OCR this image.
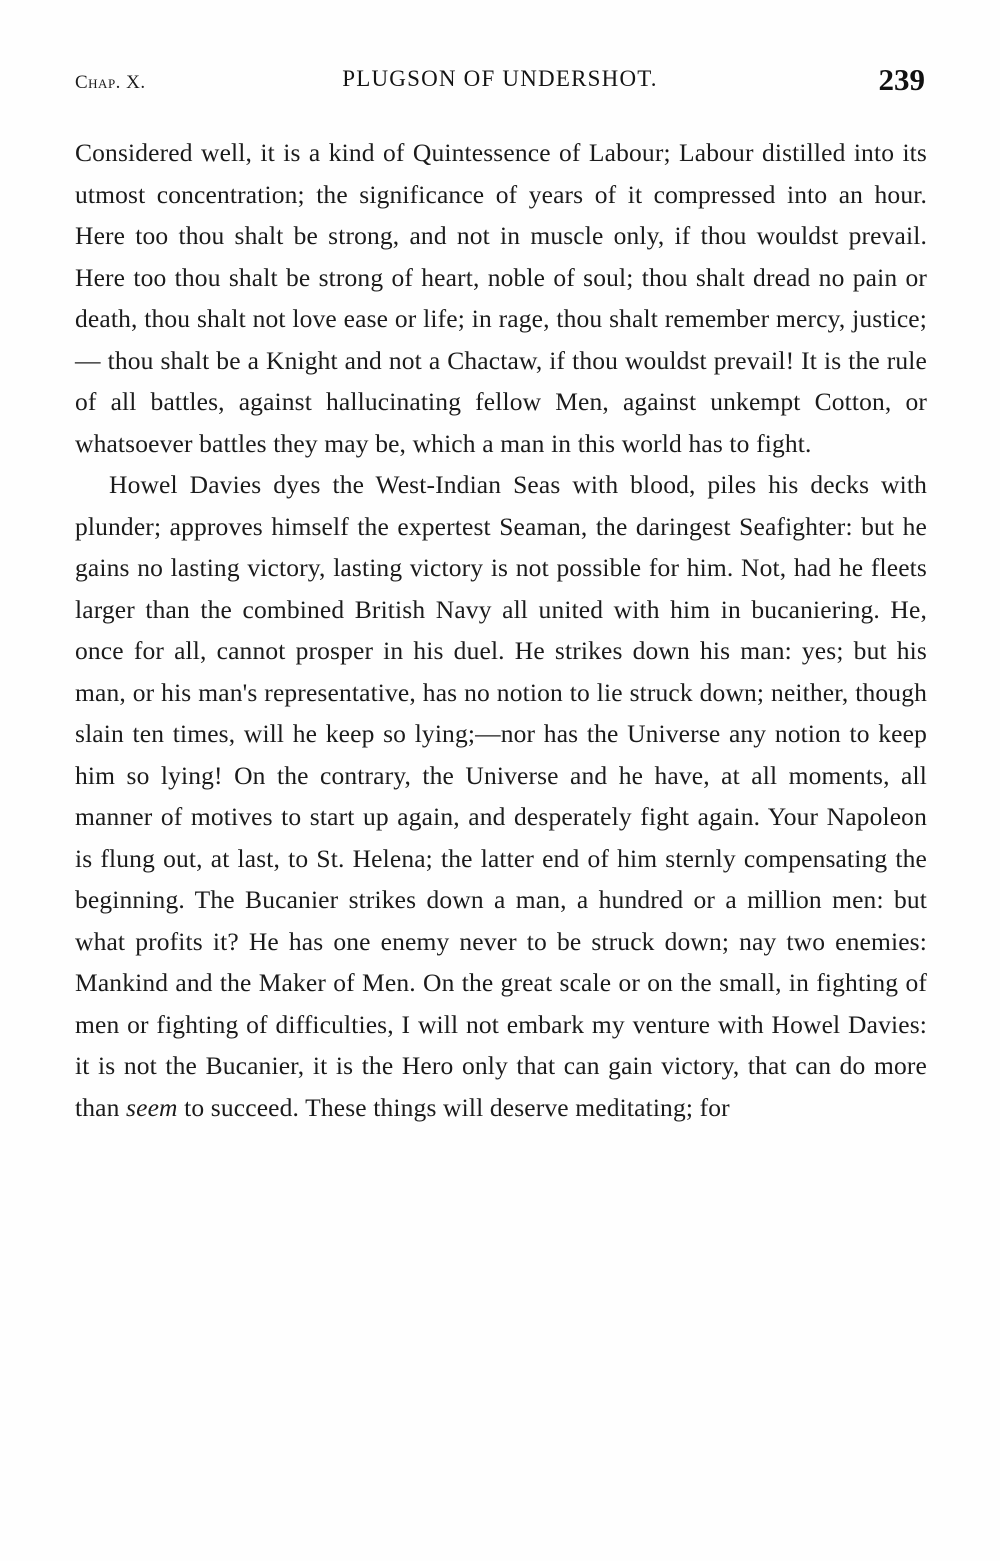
Chap. X.	PLUGSON OF UNDERSHOT.	239

Considered well, it is a kind of Quintessence of Labour; Labour distilled into its utmost concentration; the significance of years of it compressed into an hour. Here too thou shalt be strong, and not in muscle only, if thou wouldst prevail. Here too thou shalt be strong of heart, noble of soul; thou shalt dread no pain or death, thou shalt not love ease or life; in rage, thou shalt remember mercy, justice;— thou shalt be a Knight and not a Chactaw, if thou wouldst prevail! It is the rule of all battles, against hallucinating fellow Men, against unkempt Cotton, or whatsoever battles they may be, which a man in this world has to fight.

Howel Davies dyes the West-Indian Seas with blood, piles his decks with plunder; approves himself the expertest Seaman, the daringest Seafighter: but he gains no lasting victory, lasting victory is not possible for him. Not, had he fleets larger than the combined British Navy all united with him in bucaniering. He, once for all, cannot prosper in his duel. He strikes down his man: yes; but his man, or his man's representative, has no notion to lie struck down; neither, though slain ten times, will he keep so lying;—nor has the Universe any notion to keep him so lying! On the contrary, the Universe and he have, at all moments, all manner of motives to start up again, and desperately fight again. Your Napoleon is flung out, at last, to St. Helena; the latter end of him sternly compensating the beginning. The Bucanier strikes down a man, a hundred or a million men: but what profits it? He has one enemy never to be struck down; nay two enemies: Mankind and the Maker of Men. On the great scale or on the small, in fighting of men or fighting of difficulties, I will not embark my venture with Howel Davies: it is not the Bucanier, it is the Hero only that can gain victory, that can do more than seem to succeed. These things will deserve meditating; for
